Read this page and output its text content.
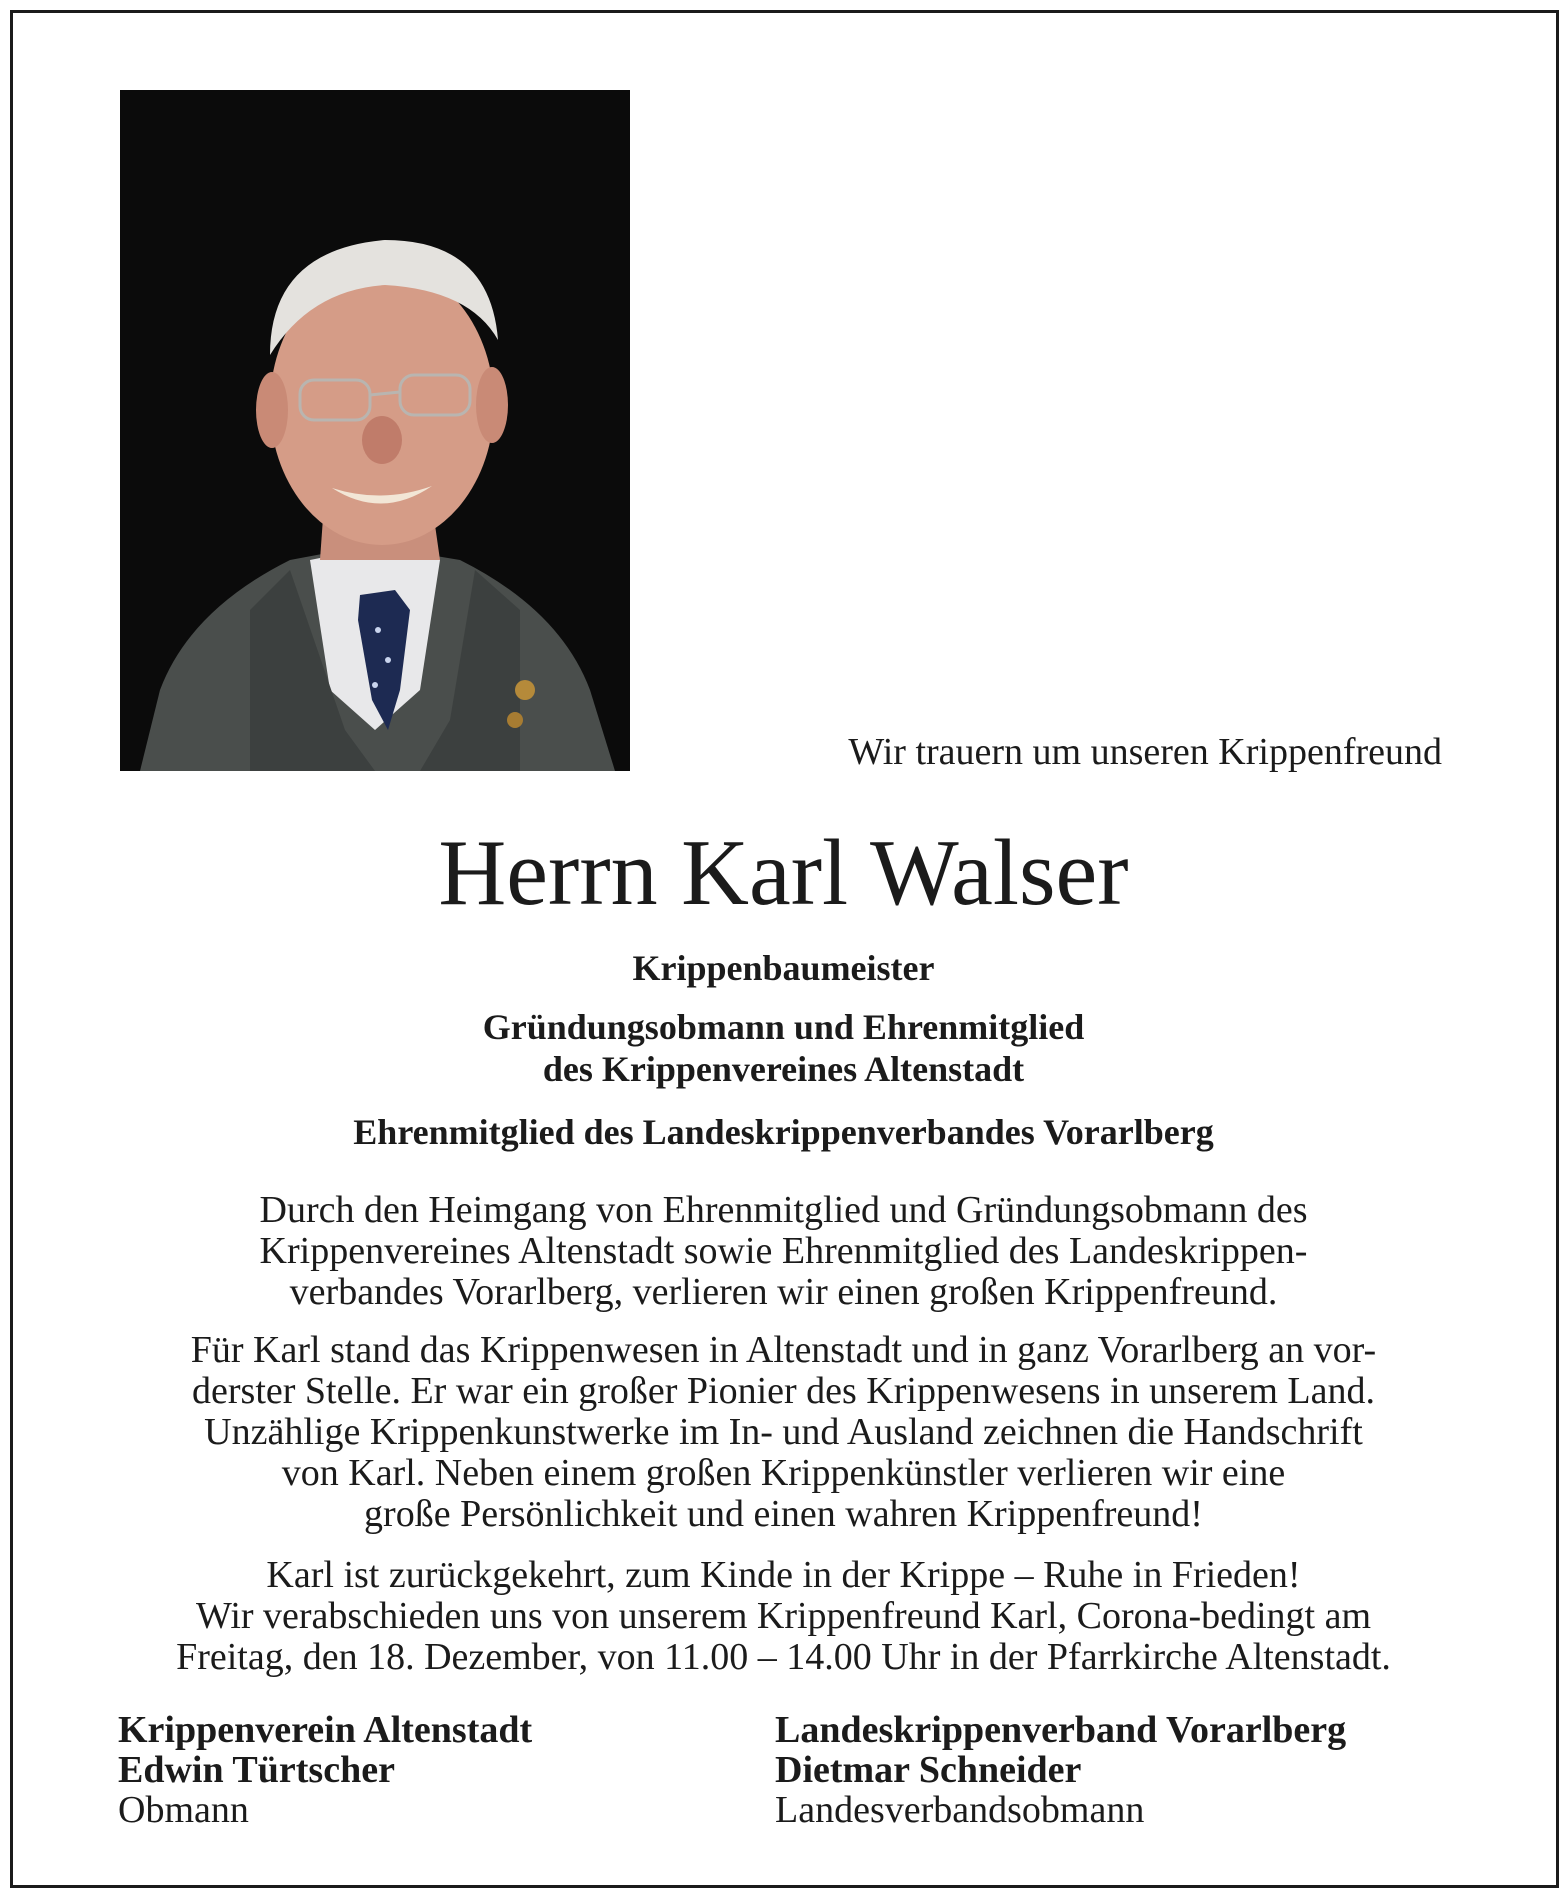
Wir trauern um unseren Krippenfreund
Herrn Karl Walser
Krippenbaumeister
Gründungsobmann und Ehrenmitglied
des Krippenvereines Altenstadt
Ehrenmitglied des Landeskrippenverbandes Vorarlberg
Durch den Heimgang von Ehrenmitglied und Gründungsobmann des
Krippenvereines Altenstadt sowie Ehrenmitglied des Landeskrippen-
verbandes Vorarlberg, verlieren wir einen großen Krippenfreund.
Für Karl stand das Krippenwesen in Altenstadt und in ganz Vorarlberg an vor-
derster Stelle. Er war ein großer Pionier des Krippenwesens in unserem Land.
Unzählige Krippenkunstwerke im In- und Ausland zeichnen die Handschrift
von Karl. Neben einem großen Krippenkünstler verlieren wir eine
große Persönlichkeit und einen wahren Krippenfreund!
Karl ist zurückgekehrt, zum Kinde in der Krippe – Ruhe in Frieden!
Wir verabschieden uns von unserem Krippenfreund Karl, Corona-bedingt am
Freitag, den 18. Dezember, von 11.00 – 14.00 Uhr in der Pfarrkirche Altenstadt.
Krippenverein Altenstadt
Edwin Türtscher
Obmann
Landeskrippenverband Vorarlberg
Dietmar Schneider
Landesverbandsobmann
